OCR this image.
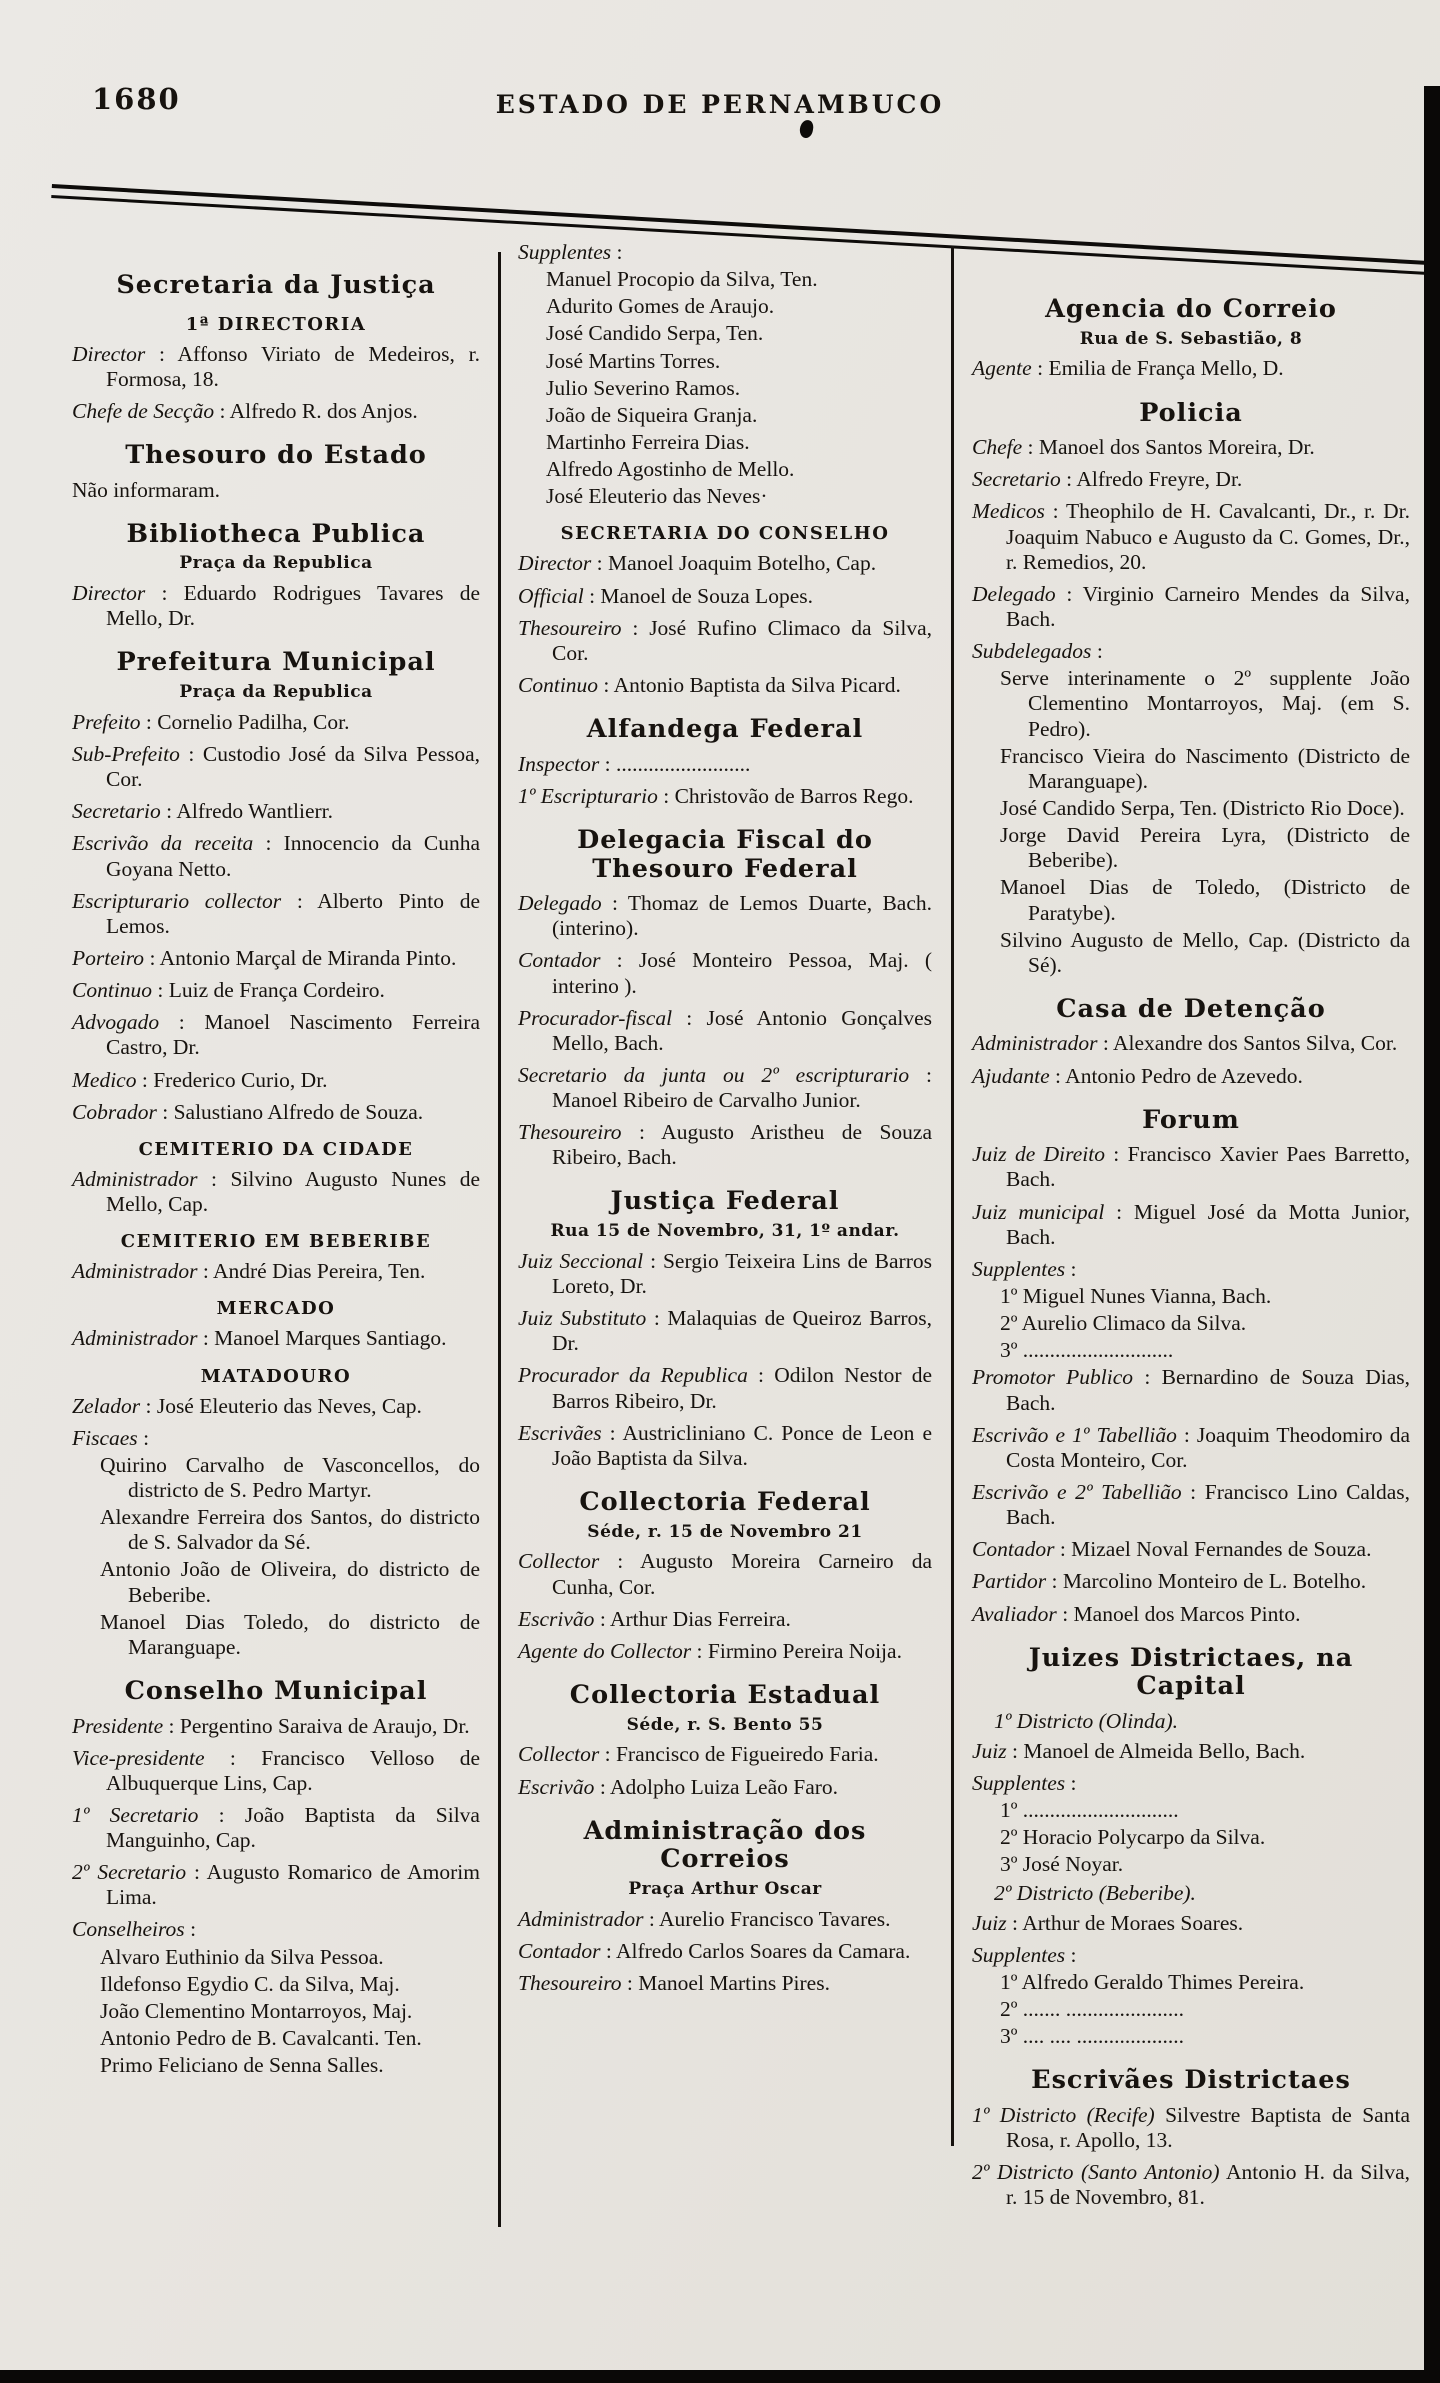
1680	ESTADO DE PERNAMBUCO
Secretaria da Justiça
1ª DIRECTORIA

Director : Affonso Viriato de Medeiros, r. Formosa, 18.

Chefe de Secção : Alfredo R. dos Anjos.

Thesouro do Estado

Não informaram.

Bibliotheca Publica
Praça da Republica

Director : Eduardo Rodrigues Tavares de Mello, Dr.

Prefeitura Municipal
Praça da Republica

Prefeito : Cornelio Padilha, Cor.

Sub-Prefeito : Custodio José da Silva Pessoa, Cor.

Secretario : Alfredo Wantlierr.

Escrivão da receita : Innocencio da Cunha Goyana Netto.

Escripturario collector : Alberto Pinto de Lemos.

Porteiro : Antonio Marçal de Miranda Pinto.

Continuo : Luiz de França Cordeiro.

Advogado : Manoel Nascimento Ferreira Castro, Dr.

Medico : Frederico Curio, Dr.

Cobrador : Salustiano Alfredo de Souza.

CEMITERIO DA CIDADE

Administrador : Silvino Augusto Nunes de Mello, Cap.

CEMITERIO EM BEBERIBE

Administrador : André Dias Pereira, Ten.

MERCADO

Administrador : Manoel Marques Santiago.

MATADOURO

Zelador : José Eleuterio das Neves, Cap.

Fiscaes :

Quirino Carvalho de Vasconcellos, do districto de S. Pedro Martyr.

Alexandre Ferreira dos Santos, do districto de S. Salvador da Sé.

Antonio João de Oliveira, do districto de Beberibe.

Manoel Dias Toledo, do districto de Maranguape.

Conselho Municipal

Presidente : Pergentino Saraiva de Araujo, Dr.

Vice-presidente : Francisco Velloso de Albuquerque Lins, Cap.

1º Secretario : João Baptista da Silva Manguinho, Cap.

2º Secretario : Augusto Romarico de Amorim Lima.

Conselheiros :

Alvaro Euthinio da Silva Pessoa.

Ildefonso Egydio C. da Silva, Maj.

João Clementino Montarroyos, Maj.

Antonio Pedro de B. Cavalcanti. Ten.

Primo Feliciano de Senna Salles.

Supplentes :

Manuel Procopio da Silva, Ten.

Adurito Gomes de Araujo.

José Candido Serpa, Ten.

José Martins Torres.

Julio Severino Ramos.

João de Siqueira Granja.

Martinho Ferreira Dias.

Alfredo Agostinho de Mello.

José Eleuterio das Neves·

SECRETARIA DO CONSELHO

Director : Manoel Joaquim Botelho, Cap.

Official : Manoel de Souza Lopes.

Thesoureiro : José Rufino Climaco da Silva, Cor.

Continuo : Antonio Baptista da Silva Picard.

Alfandega Federal

Inspector : .........................

1º Escripturario : Christovão de Barros Rego.

Delegacia Fiscal do Thesouro Federal

Delegado : Thomaz de Lemos Duarte, Bach. (interino).

Contador : José Monteiro Pessoa, Maj. ( interino ).

Procurador-fiscal : José Antonio Gonçalves Mello, Bach.

Secretario da junta ou 2º escripturario : Manoel Ribeiro de Carvalho Junior.

Thesoureiro : Augusto Aristheu de Souza Ribeiro, Bach.

Justiça Federal
Rua 15 de Novembro, 31, 1º andar.

Juiz Seccional : Sergio Teixeira Lins de Barros Loreto, Dr.

Juiz Substituto : Malaquias de Queiroz Barros, Dr.

Procurador da Republica : Odilon Nestor de Barros Ribeiro, Dr.

Escrivães : Austricliniano C. Ponce de Leon e João Baptista da Silva.

Collectoria Federal
Séde, r. 15 de Novembro 21

Collector : Augusto Moreira Carneiro da Cunha, Cor.

Escrivão : Arthur Dias Ferreira.

Agente do Collector : Firmino Pereira Noija.

Collectoria Estadual
Séde, r. S. Bento 55

Collector : Francisco de Figueiredo Faria.

Escrivão : Adolpho Luiza Leão Faro.

Administração dos Correios
Praça Arthur Oscar

Administrador : Aurelio Francisco Tavares.

Contador : Alfredo Carlos Soares da Camara.

Thesoureiro : Manoel Martins Pires.

Agencia do Correio
Rua de S. Sebastião, 8

Agente : Emilia de França Mello, D.

Policia

Chefe : Manoel dos Santos Moreira, Dr.

Secretario : Alfredo Freyre, Dr.

Medicos : Theophilo de H. Cavalcanti, Dr., r. Dr. Joaquim Nabuco e Augusto da C. Gomes, Dr., r. Remedios, 20.

Delegado : Virginio Carneiro Mendes da Silva, Bach.

Subdelegados :

Serve interinamente o 2º supplente João Clementino Montarroyos, Maj. (em S. Pedro).

Francisco Vieira do Nascimento (Districto de Maranguape).

José Candido Serpa, Ten. (Districto Rio Doce).

Jorge David Pereira Lyra, (Districto de Beberibe).

Manoel Dias de Toledo, (Districto de Paratybe).

Silvino Augusto de Mello, Cap. (Districto da Sé).

Casa de Detenção

Administrador : Alexandre dos Santos Silva, Cor.

Ajudante : Antonio Pedro de Azevedo.

Forum

Juiz de Direito : Francisco Xavier Paes Barretto, Bach.

Juiz municipal : Miguel José da Motta Junior, Bach.

Supplentes :

1º Miguel Nunes Vianna, Bach.

2º Aurelio Climaco da Silva.

3º ............................

Promotor Publico : Bernardino de Souza Dias, Bach.

Escrivão e 1º Tabellião : Joaquim Theodomiro da Costa Monteiro, Cor.

Escrivão e 2º Tabellião : Francisco Lino Caldas, Bach.

Contador : Mizael Noval Fernandes de Souza.

Partidor : Marcolino Monteiro de L. Botelho.

Avaliador : Manoel dos Marcos Pinto.

Juizes Districtaes, na Capital

1º Districto (Olinda).

Juiz : Manoel de Almeida Bello, Bach.

Supplentes :

1º .............................

2º Horacio Polycarpo da Silva.

3º José Noyar.

2º Districto (Beberibe).

Juiz : Arthur de Moraes Soares.

Supplentes :

1º Alfredo Geraldo Thimes Pereira.

2º ....... ......................

3º .... .... ....................

Escrivães Districtaes

1º Districto (Recife) Silvestre Baptista de Santa Rosa, r. Apollo, 13.

2º Districto (Santo Antonio) Antonio H. da Silva, r. 15 de Novembro, 81.
